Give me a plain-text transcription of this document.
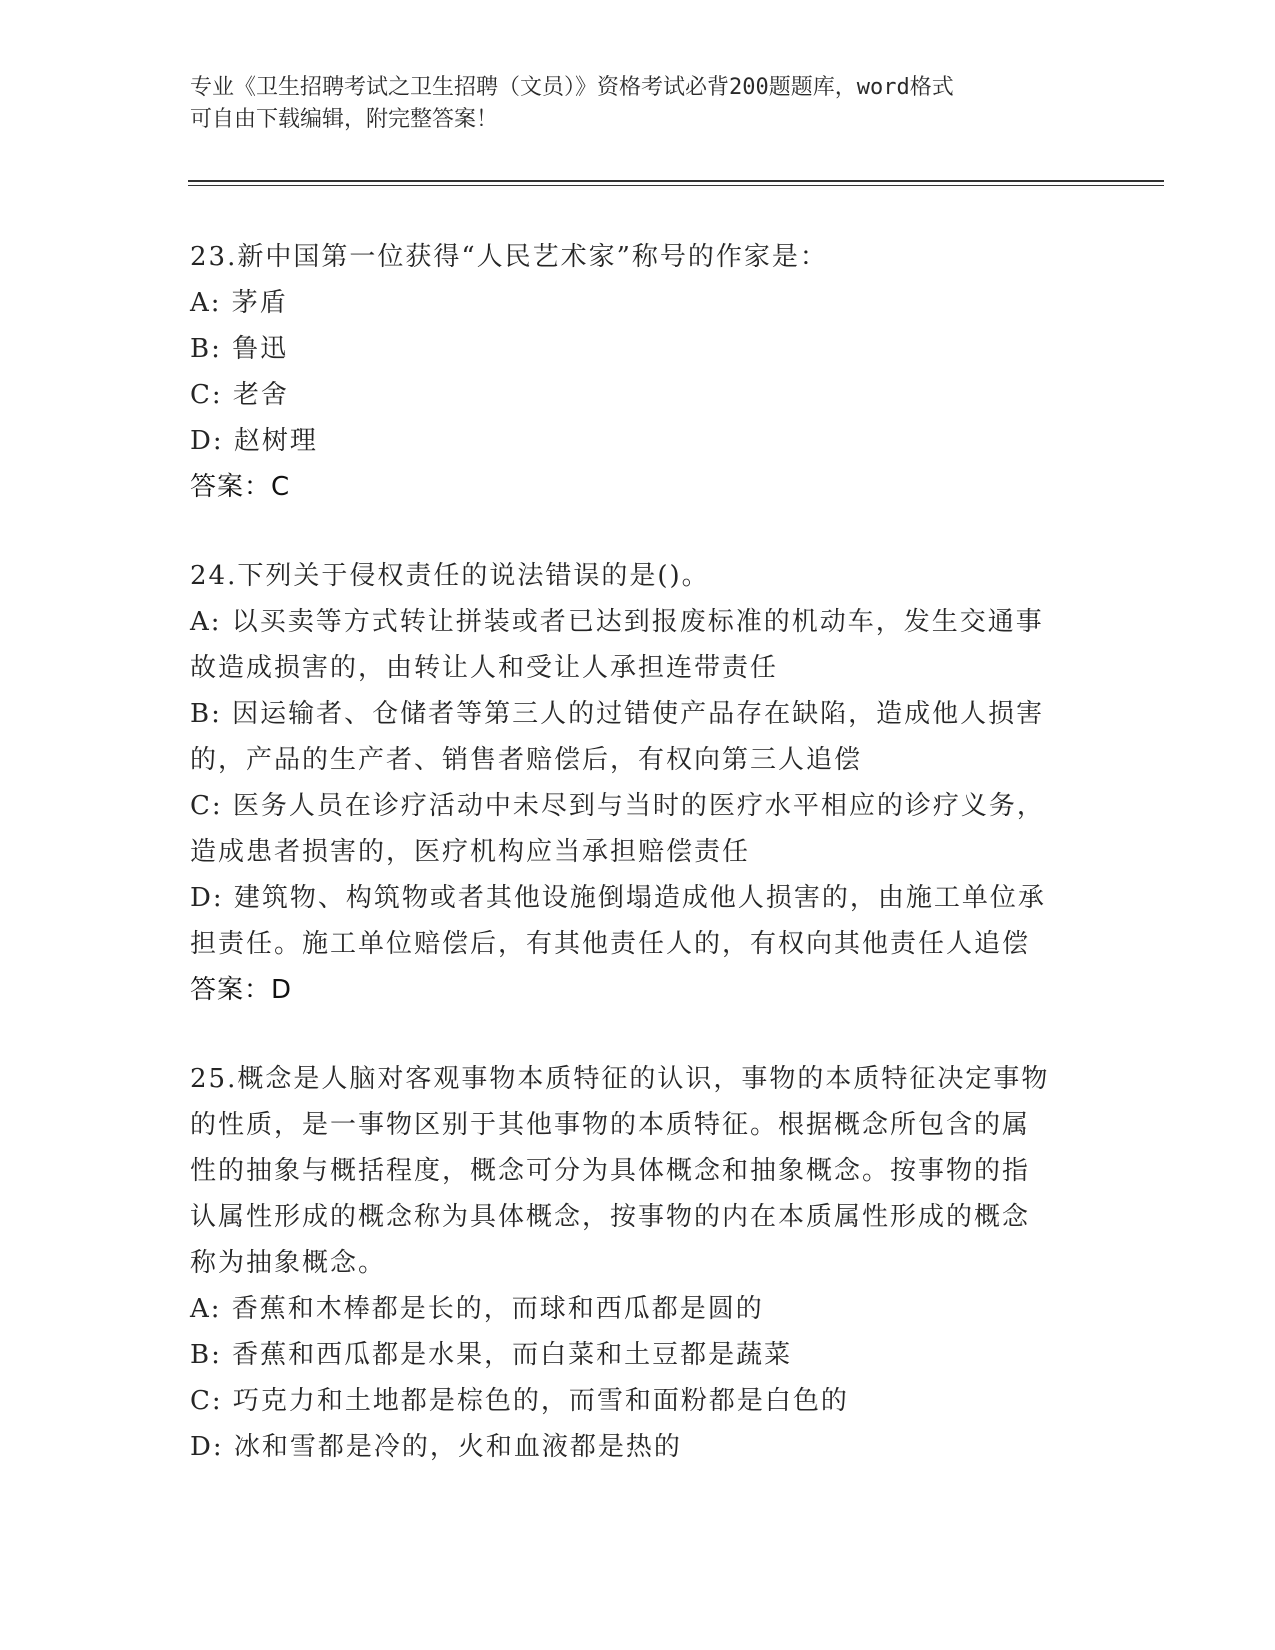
专业《卫生招聘考试之卫生招聘（文员）》资格考试必背200题题库，word格式
可自由下载编辑，附完整答案！
23.新中国第一位获得“人民艺术家”称号的作家是：
A: 茅盾
B: 鲁迅
C: 老舍
D: 赵树理
答案：C
24.下列关于侵权责任的说法错误的是()。
A: 以买卖等方式转让拼装或者已达到报废标准的机动车，发生交通事
故造成损害的，由转让人和受让人承担连带责任
B: 因运输者、仓储者等第三人的过错使产品存在缺陷，造成他人损害
的，产品的生产者、销售者赔偿后，有权向第三人追偿
C: 医务人员在诊疗活动中未尽到与当时的医疗水平相应的诊疗义务，
造成患者损害的，医疗机构应当承担赔偿责任
D: 建筑物、构筑物或者其他设施倒塌造成他人损害的，由施工单位承
担责任。施工单位赔偿后，有其他责任人的，有权向其他责任人追偿
答案：D
25.概念是人脑对客观事物本质特征的认识，事物的本质特征决定事物
的性质，是一事物区别于其他事物的本质特征。根据概念所包含的属
性的抽象与概括程度，概念可分为具体概念和抽象概念。按事物的指
认属性形成的概念称为具体概念，按事物的内在本质属性形成的概念
称为抽象概念。
A: 香蕉和木棒都是长的，而球和西瓜都是圆的
B: 香蕉和西瓜都是水果，而白菜和土豆都是蔬菜
C: 巧克力和土地都是棕色的，而雪和面粉都是白色的
D: 冰和雪都是冷的，火和血液都是热的
